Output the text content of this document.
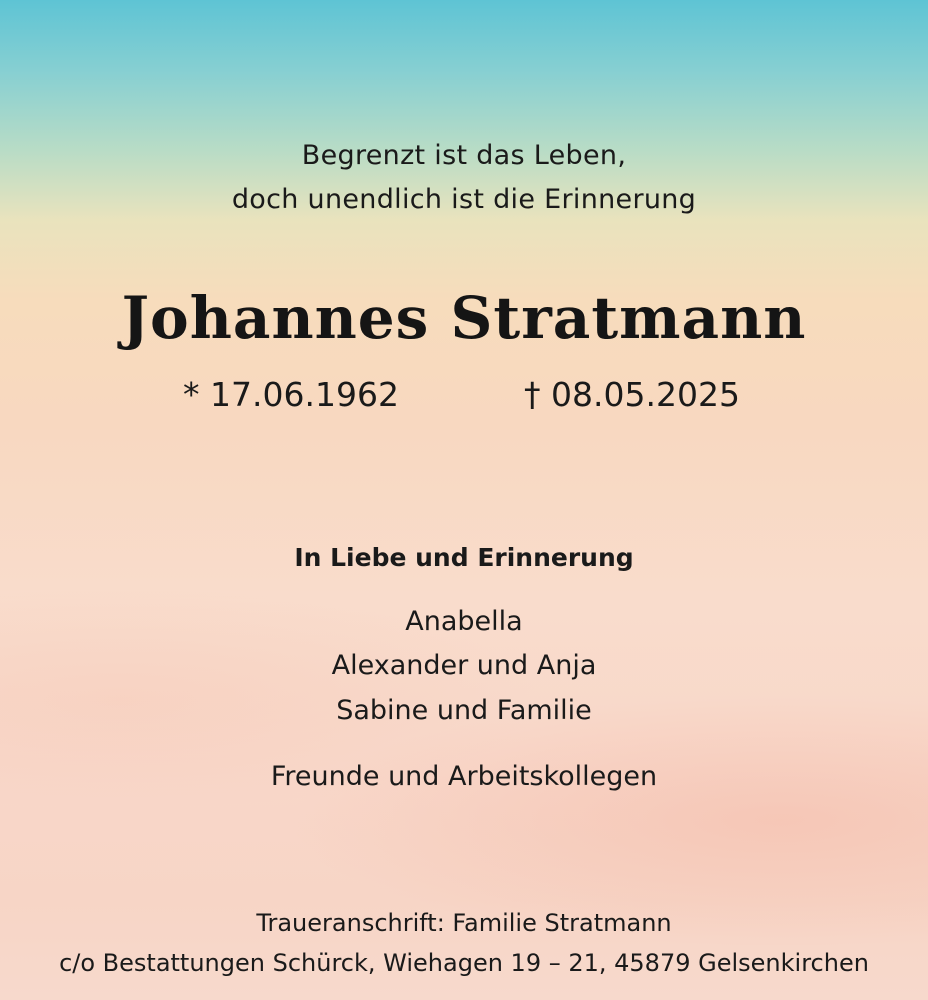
Begrenzt ist das Leben,
doch unendlich ist die Erinnerung
Johannes Stratmann
* 17.06.1962	† 08.05.2025
In Liebe und Erinnerung
Anabella
Alexander und Anja
Sabine und Familie
Freunde und Arbeitskollegen
Traueranschrift: Familie Stratmann
c/o Bestattungen Schürck, Wiehagen 19 – 21, 45879 Gelsenkirchen
